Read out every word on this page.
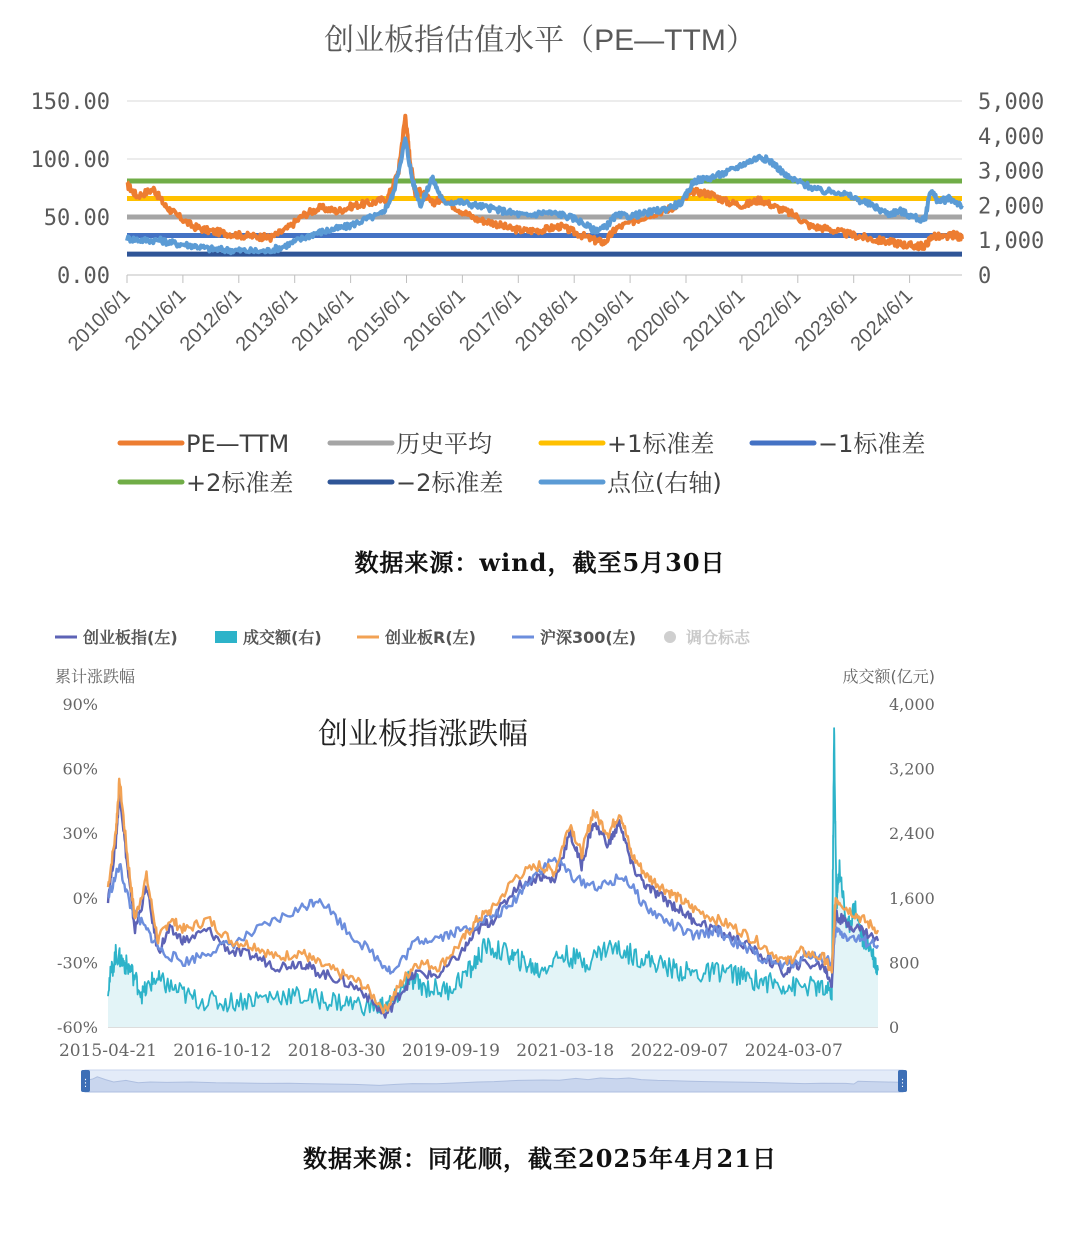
创业板指估值水平（PE—TTM）
150.00
100.00
50.00
0.00
5,000
4,000
3,000
2,000
1,000
0
2010/6/1
2011/6/1
2012/6/1
2013/6/1
2014/6/1
2015/6/1
2016/6/1
2017/6/1
2018/6/1
2019/6/1
2020/6/1
2021/6/1
2022/6/1
2023/6/1
2024/6/1
PE—TTM	历史平均	+1标准差	−1标准差
+2标准差	−2标准差	点位(右轴)
数据来源：wind，截至5月30日
创业板指(左)	成交额(右)	创业板R(左)	沪深300(左)	调仓标志
累计涨跌幅	成交额(亿元)
创业板指涨跌幅
90%
60%
30%
0%
-30%
-60%
4,000
3,200
2,400
1,600
800
0
2015-04-21 2016-10-12 2018-03-30 2019-09-19 2021-03-18 2022-09-07 2024-03-07
⋮	⋮
数据来源：同花顺，截至2025年4月21日
